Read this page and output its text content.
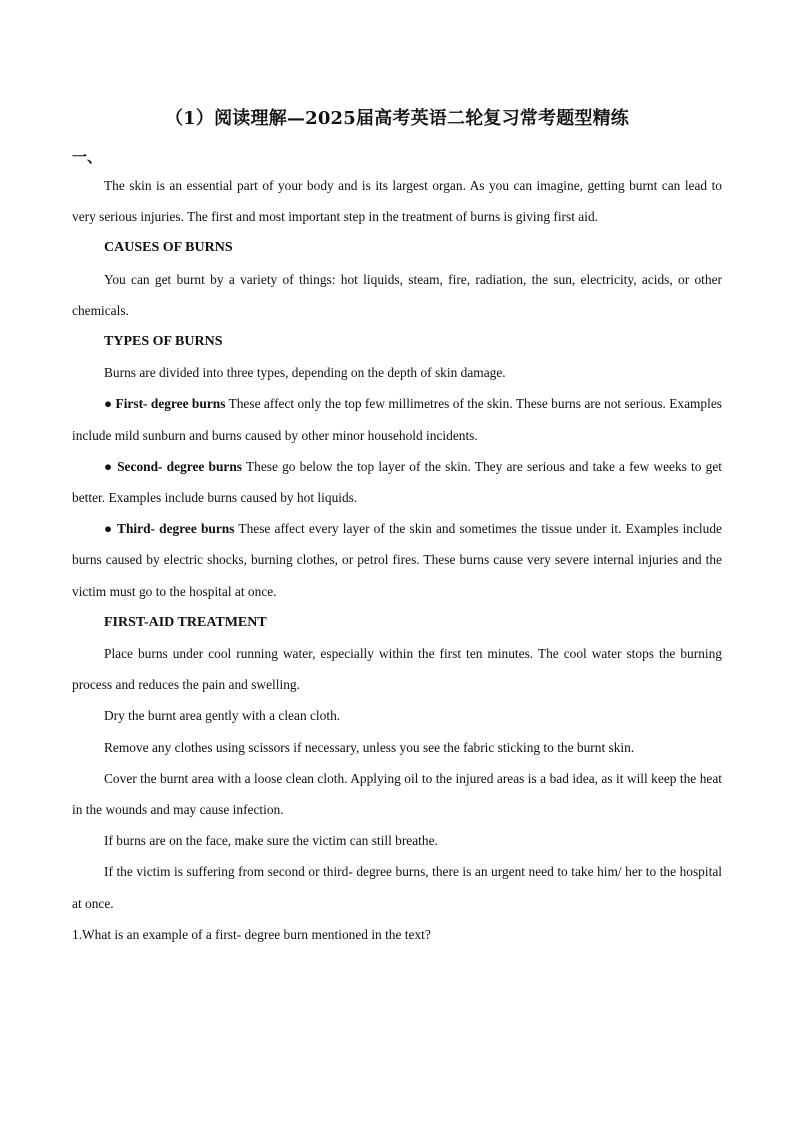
（1）阅读理解—2025届高考英语二轮复习常考题型精练
一、

The skin is an essential part of your body and is its largest organ. As you can imagine, getting burnt can lead to very serious injuries. The first and most important step in the treatment of burns is giving first aid.

CAUSES OF BURNS

You can get burnt by a variety of things: hot liquids, steam, fire, radiation, the sun, electricity, acids, or other chemicals.

TYPES OF BURNS

Burns are divided into three types, depending on the depth of skin damage.

● First- degree burns These affect only the top few millimetres of the skin. These burns are not serious. Examples include mild sunburn and burns caused by other minor household incidents.

● Second- degree burns These go below the top layer of the skin. They are serious and take a few weeks to get better. Examples include burns caused by hot liquids.

● Third- degree burns These affect every layer of the skin and sometimes the tissue under it. Examples include burns caused by electric shocks, burning clothes, or petrol fires. These burns cause very severe internal injuries and the victim must go to the hospital at once.

FIRST-AID TREATMENT

Place burns under cool running water, especially within the first ten minutes. The cool water stops the burning process and reduces the pain and swelling.

Dry the burnt area gently with a clean cloth.

Remove any clothes using scissors if necessary, unless you see the fabric sticking to the burnt skin.

Cover the burnt area with a loose clean cloth. Applying oil to the injured areas is a bad idea, as it will keep the heat in the wounds and may cause infection.

If burns are on the face, make sure the victim can still breathe.

If the victim is suffering from second or third- degree burns, there is an urgent need to take him/ her to the hospital at once.

1.What is an example of a first- degree burn mentioned in the text?
